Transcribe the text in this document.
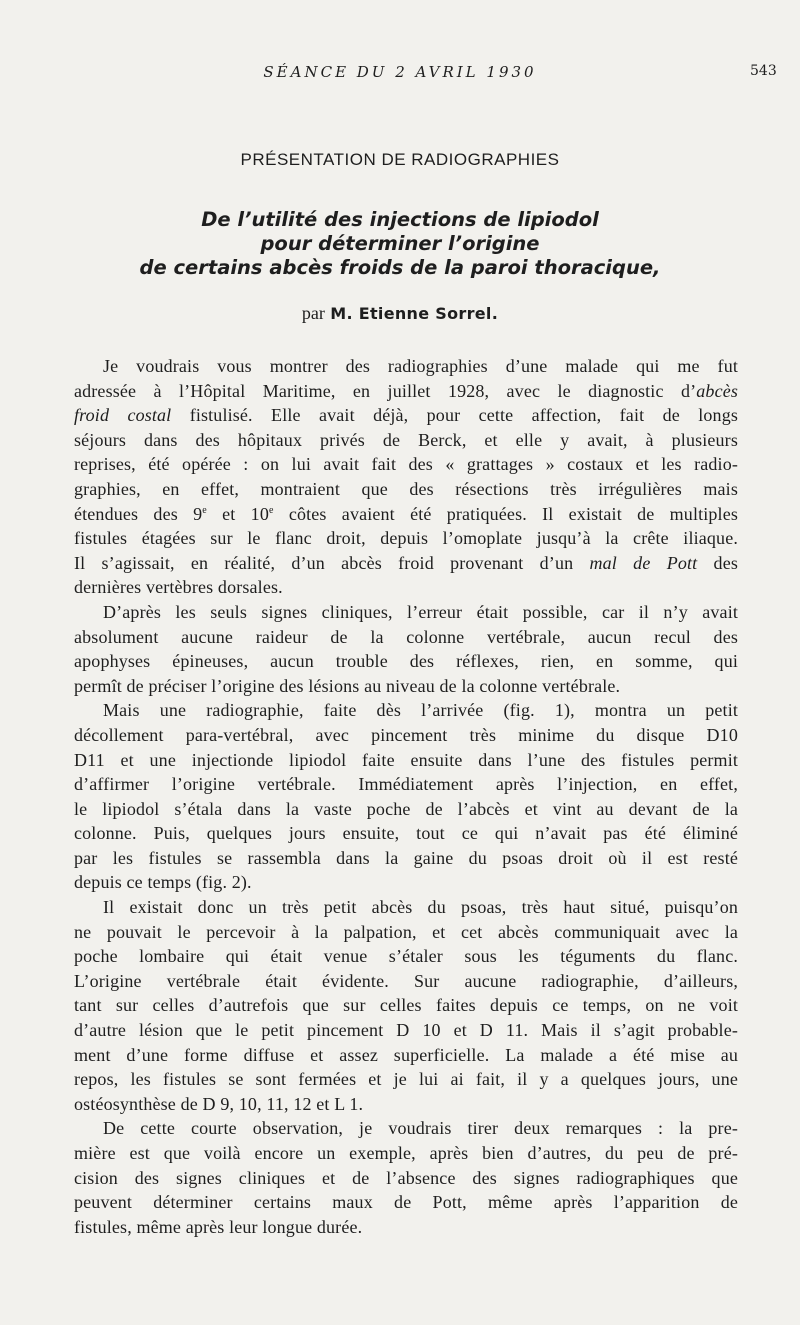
SÉANCE DU 2 AVRIL 1930	543
PRÉSENTATION DE RADIOGRAPHIES
De l’utilité des injections de lipiodol
pour déterminer l’origine
de certains abcès froids de la paroi thoracique,
par M. Etienne Sorrel.
Je voudrais vous montrer des radiographies d’une malade qui me fut
adressée à l’Hôpital Maritime, en juillet 1928, avec le diagnostic d’abcès
froid costal fistulisé. Elle avait déjà, pour cette affection, fait de longs
séjours dans des hôpitaux privés de Berck, et elle y avait, à plusieurs
reprises, été opérée : on lui avait fait des « grattages » costaux et les radio-
graphies, en effet, montraient que des résections très irrégulières mais
étendues des 9e et 10e côtes avaient été pratiquées. Il existait de multiples
fistules étagées sur le flanc droit, depuis l’omoplate jusqu’à la crête iliaque.
Il s’agissait, en réalité, d’un abcès froid provenant d’un mal de Pott des
dernières vertèbres dorsales.
D’après les seuls signes cliniques, l’erreur était possible, car il n’y avait
absolument aucune raideur de la colonne vertébrale, aucun recul des
apophyses épineuses, aucun trouble des réflexes, rien, en somme, qui
permît de préciser l’origine des lésions au niveau de la colonne vertébrale.
Mais une radiographie, faite dès l’arrivée (fig. 1), montra un petit
décollement para-vertébral, avec pincement très minime du disque D10
D11 et une injectionde lipiodol faite ensuite dans l’une des fistules permit
d’affirmer l’origine vertébrale. Immédiatement après l’injection, en effet,
le lipiodol s’étala dans la vaste poche de l’abcès et vint au devant de la
colonne. Puis, quelques jours ensuite, tout ce qui n’avait pas été éliminé
par les fistules se rassembla dans la gaine du psoas droit où il est resté
depuis ce temps (fig. 2).
Il existait donc un très petit abcès du psoas, très haut situé, puisqu’on
ne pouvait le percevoir à la palpation, et cet abcès communiquait avec la
poche lombaire qui était venue s’étaler sous les téguments du flanc.
L’origine vertébrale était évidente. Sur aucune radiographie, d’ailleurs,
tant sur celles d’autrefois que sur celles faites depuis ce temps, on ne voit
d’autre lésion que le petit pincement D 10 et D 11. Mais il s’agit probable-
ment d’une forme diffuse et assez superficielle. La malade a été mise au
repos, les fistules se sont fermées et je lui ai fait, il y a quelques jours, une
ostéosynthèse de D 9, 10, 11, 12 et L 1.
De cette courte observation, je voudrais tirer deux remarques : la pre-
mière est que voilà encore un exemple, après bien d’autres, du peu de pré-
cision des signes cliniques et de l’absence des signes radiographiques que
peuvent déterminer certains maux de Pott, même après l’apparition de
fistules, même après leur longue durée.
